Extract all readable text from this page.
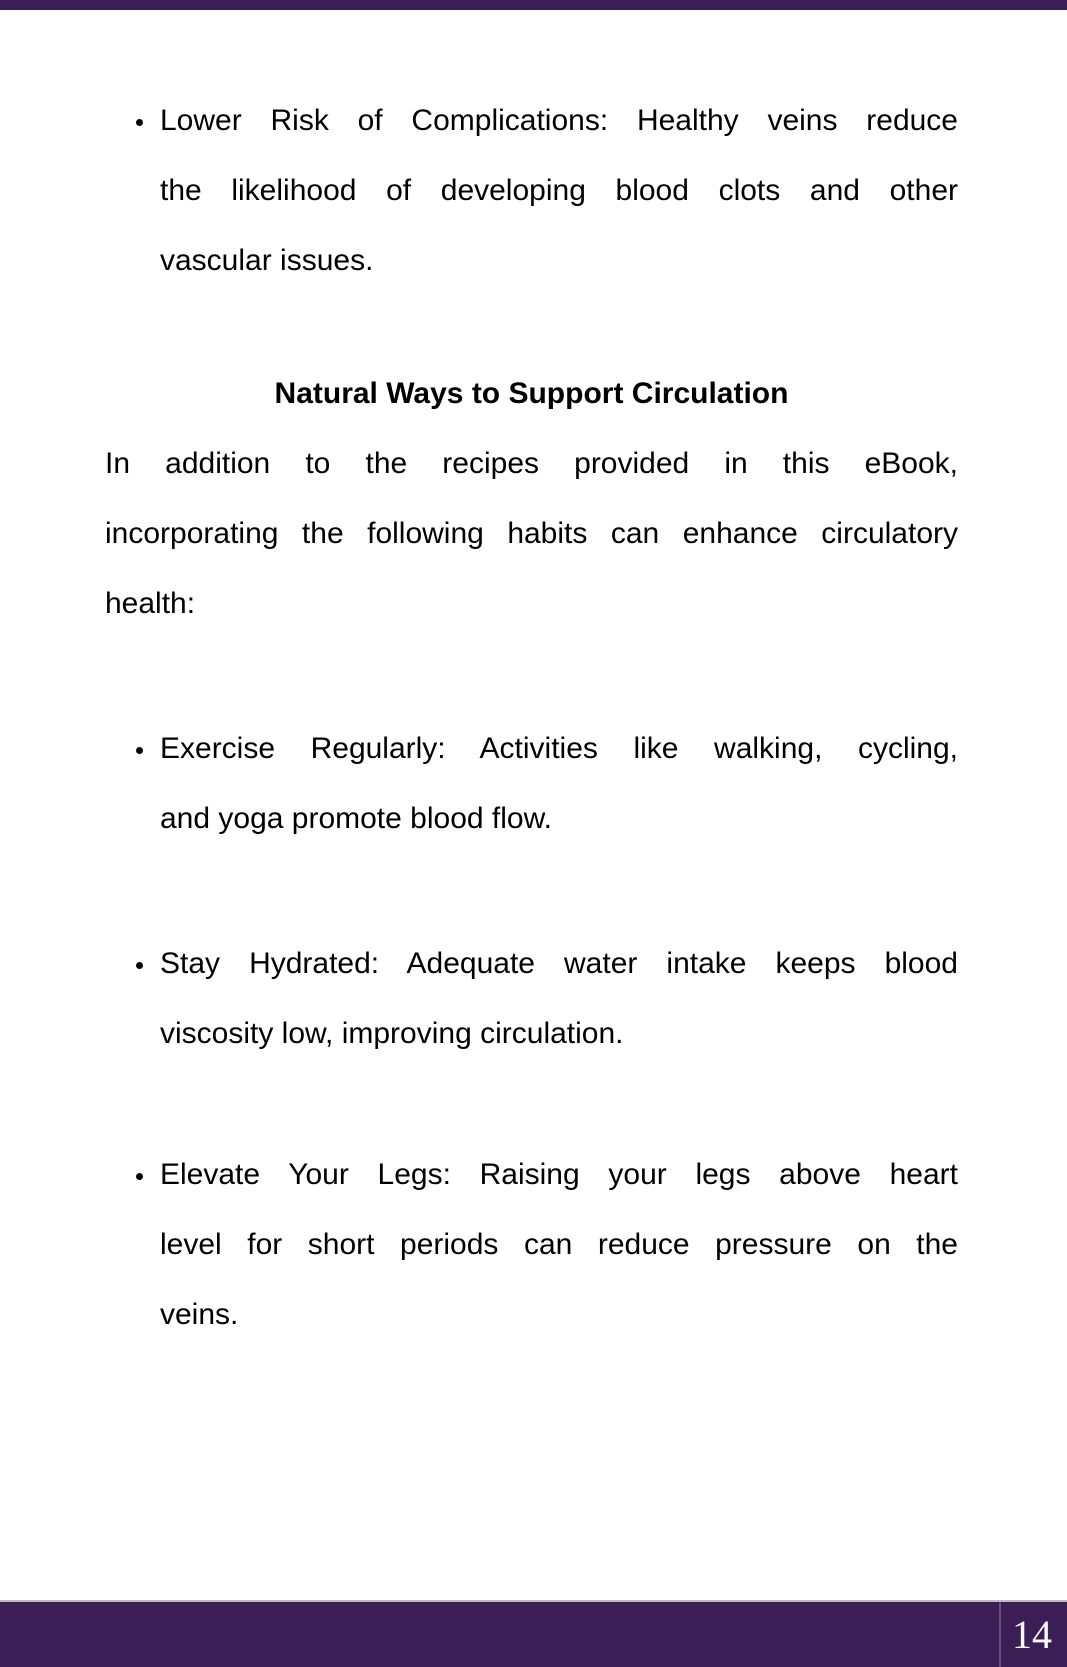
Lower Risk of Complications: Healthy veins reduce
the likelihood of developing blood clots and other
vascular issues.
Natural Ways to Support Circulation
In addition to the recipes provided in this eBook,
incorporating the following habits can enhance circulatory
health:
Exercise Regularly: Activities like walking, cycling,
and yoga promote blood flow.
Stay Hydrated: Adequate water intake keeps blood
viscosity low, improving circulation.
Elevate Your Legs: Raising your legs above heart
level for short periods can reduce pressure on the
veins.
14
